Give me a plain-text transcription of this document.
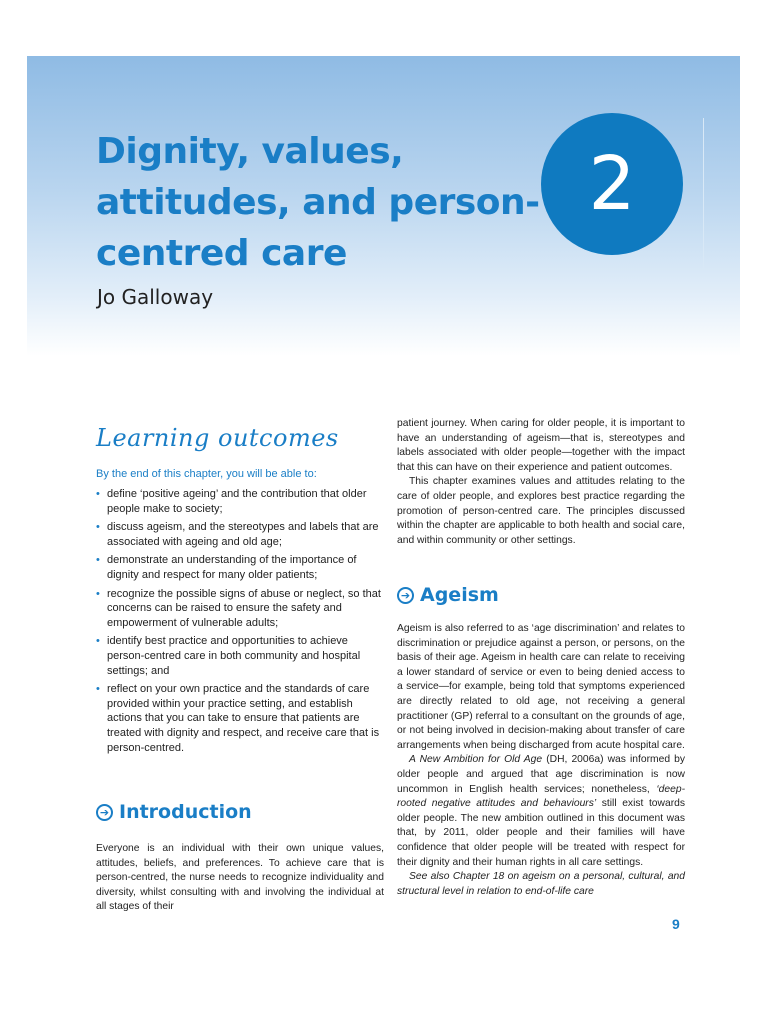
Dignity, values, attitudes, and person-centred care
Jo Galloway
2
Learning outcomes
By the end of this chapter, you will be able to:
• define ‘positive ageing’ and the contribution that older people make to society;
• discuss ageism, and the stereotypes and labels that are associated with ageing and old age;
• demonstrate an understanding of the importance of dignity and respect for many older patients;
• recognize the possible signs of abuse or neglect, so that concerns can be raised to ensure the safety and empowerment of vulnerable adults;
• identify best practice and opportunities to achieve person-centred care in both community and hospital settings; and
• reflect on your own practice and the standards of care provided within your practice setting, and establish actions that you can take to ensure that patients are treated with dignity and respect, and receive care that is person-centred.
➔ Introduction

Everyone is an individual with their own unique values, attitudes, beliefs, and preferences. To achieve care that is person-centred, the nurse needs to recognize individuality and diversity, whilst consulting with and involving the individual at all stages of their

patient journey. When caring for older people, it is important to have an understanding of ageism—that is, stereotypes and labels associated with older people—together with the impact that this can have on their experience and patient outcomes.

This chapter examines values and attitudes relating to the care of older people, and explores best practice regarding the promotion of person-centred care. The principles discussed within the chapter are applicable to both health and social care, and within community or other settings.

➔ Ageism

Ageism is also referred to as ‘age discrimination’ and relates to discrimination or prejudice against a person, or persons, on the basis of their age. Ageism in health care can relate to receiving a lower standard of service or even to being denied access to a service—for example, being told that symptoms experienced are directly related to old age, not receiving a general practitioner (GP) referral to a consultant on the grounds of age, or not being involved in decision-making about transfer of care arrangements when being discharged from acute hospital care.

A New Ambition for Old Age (DH, 2006a) was informed by older people and argued that age discrimination is now uncommon in English health services; nonetheless, ‘deep-rooted negative attitudes and behaviours’ still exist towards older people. The new ambition outlined in this document was that, by 2011, older people and their families will have confidence that older people will be treated with respect for their dignity and their human rights in all care settings.

See also Chapter 18 on ageism on a personal, cultural, and structural level in relation to end-of-life care

9
